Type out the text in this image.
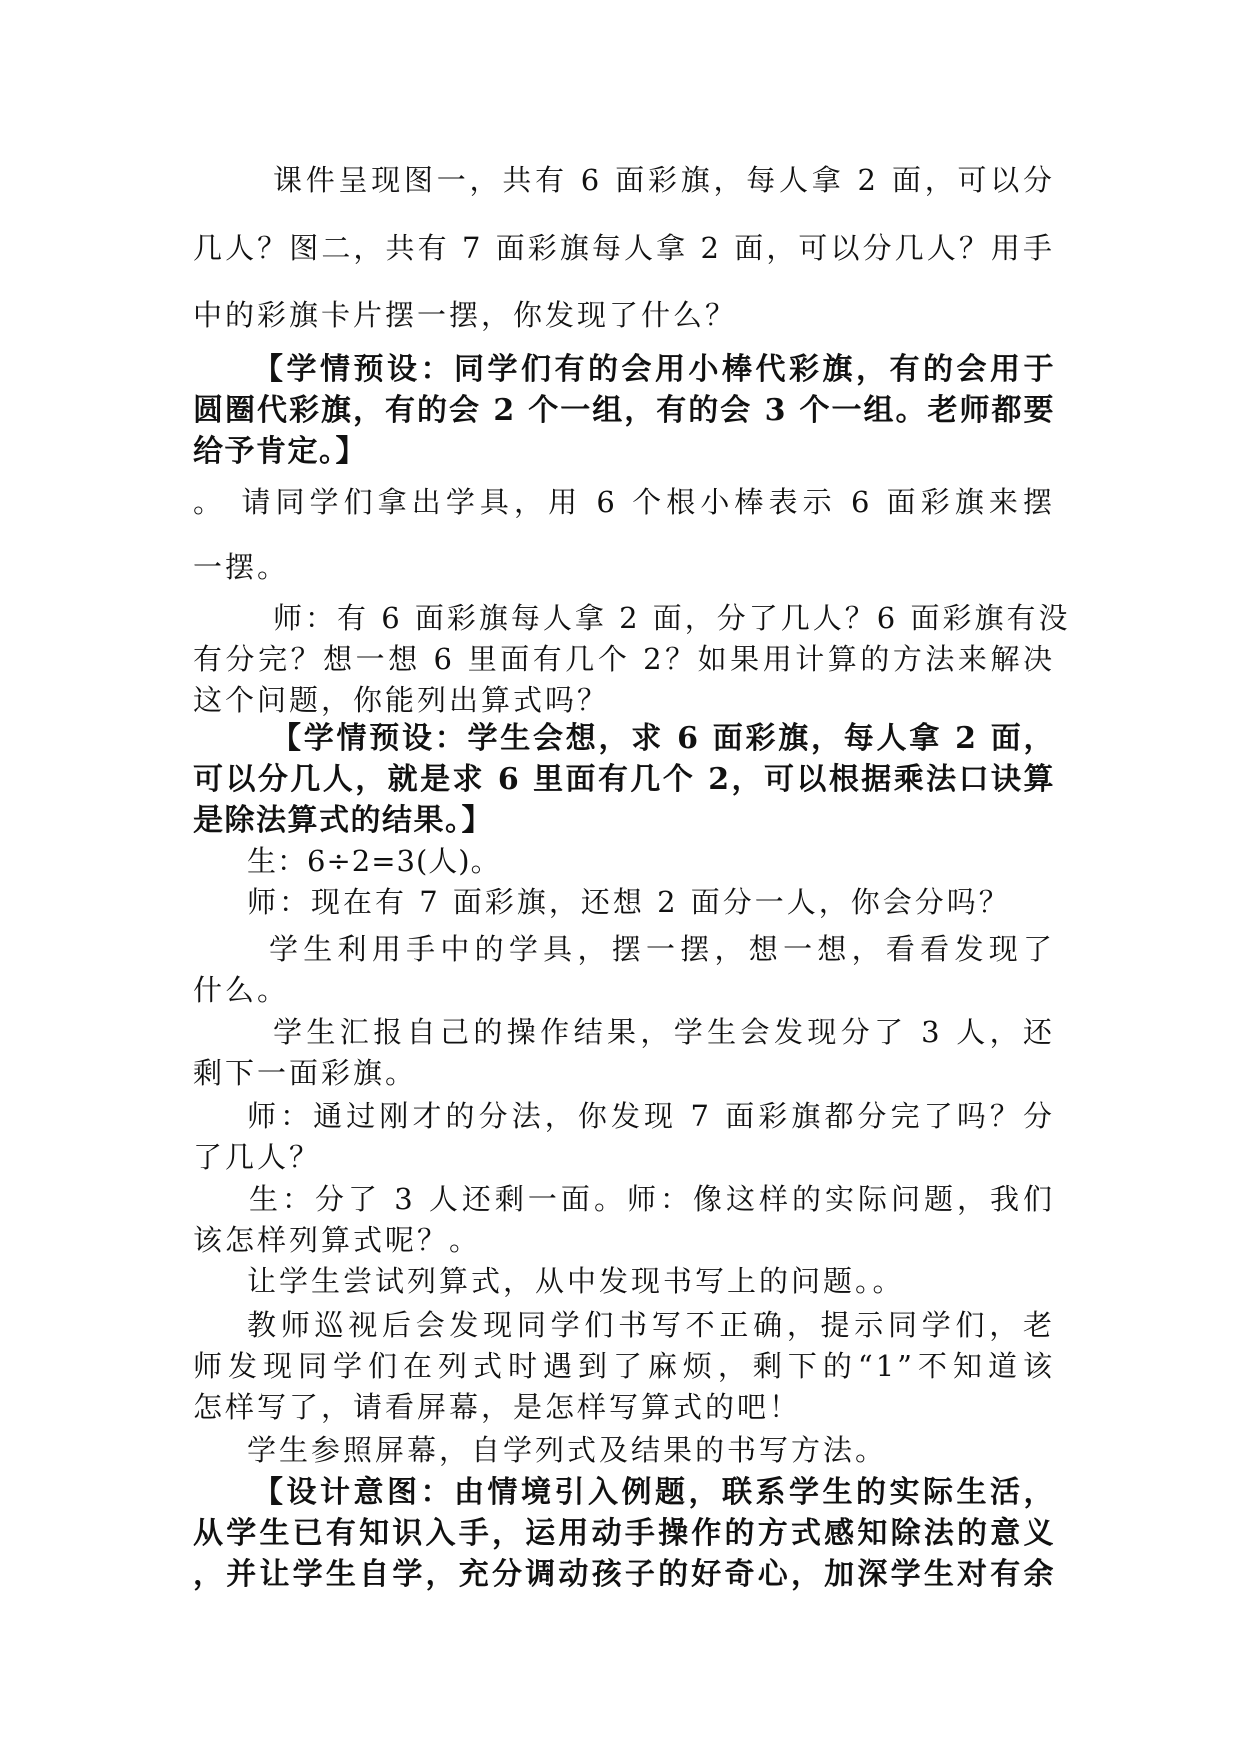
课件呈现图一，共有 6 面彩旗，每人拿 2 面，可以分
几人？图二，共有 7 面彩旗每人拿 2 面，可以分几人？用手
中的彩旗卡片摆一摆，你发现了什么？
【学情预设：同学们有的会用小棒代彩旗，有的会用于
圆圈代彩旗，有的会 2 个一组，有的会 3 个一组。老师都要
给予肯定。】
。 请同学们拿出学具，用 6 个根小棒表示 6 面彩旗来摆
一摆。
师：有 6 面彩旗每人拿 2 面，分了几人？6 面彩旗有没
有分完？想一想 6 里面有几个 2？如果用计算的方法来解决
这个问题，你能列出算式吗？
【学情预设：学生会想，求 6 面彩旗，每人拿 2 面，
可以分几人，就是求 6 里面有几个 2，可以根据乘法口诀算
是除法算式的结果。】
生：6÷2=3(人)。
师：现在有 7 面彩旗，还想 2 面分一人，你会分吗？
学生利用手中的学具，摆一摆，想一想，看看发现了
什么。
学生汇报自己的操作结果，学生会发现分了 3 人，还
剩下一面彩旗。
师：通过刚才的分法，你发现 7 面彩旗都分完了吗？分
了几人？
生：分了 3 人还剩一面。师：像这样的实际问题，我们
该怎样列算式呢？。
让学生尝试列算式，从中发现书写上的问题。。
教师巡视后会发现同学们书写不正确，提示同学们，老
师发现同学们在列式时遇到了麻烦，剩下的“1”不知道该
怎样写了，请看屏幕，是怎样写算式的吧！
学生参照屏幕，自学列式及结果的书写方法。
【设计意图：由情境引入例题，联系学生的实际生活，
从学生已有知识入手，运用动手操作的方式感知除法的意义
，并让学生自学，充分调动孩子的好奇心，加深学生对有余
